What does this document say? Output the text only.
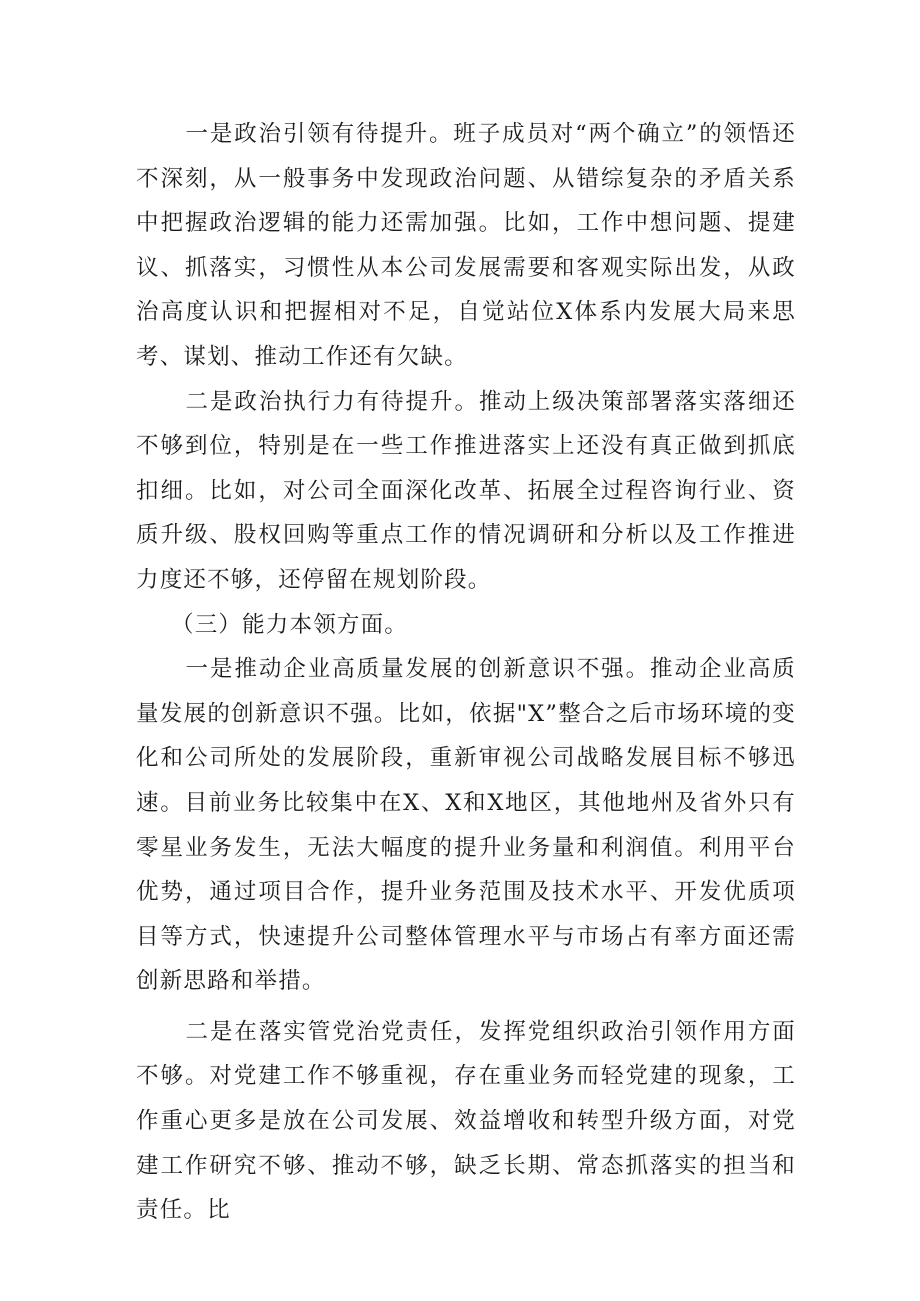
一是政治引领有待提升。班子成员对“两个确立”的领悟还不深刻，从一般事务中发现政治问题、从错综复杂的矛盾关系中把握政治逻辑的能力还需加强。比如，工作中想问题、提建议、抓落实，习惯性从本公司发展需要和客观实际出发，从政治高度认识和把握相对不足，自觉站位X体系内发展大局来思考、谋划、推动工作还有欠缺。

二是政治执行力有待提升。推动上级决策部署落实落细还不够到位，特别是在一些工作推进落实上还没有真正做到抓底扣细。比如，对公司全面深化改革、拓展全过程咨询行业、资质升级、股权回购等重点工作的情况调研和分析以及工作推进力度还不够，还停留在规划阶段。

（三）能力本领方面。

一是推动企业高质量发展的创新意识不强。推动企业高质量发展的创新意识不强。比如，依据"X”整合之后市场环境的变化和公司所处的发展阶段，重新审视公司战略发展目标不够迅速。目前业务比较集中在X、X和X地区，其他地州及省外只有零星业务发生，无法大幅度的提升业务量和利润值。利用平台优势，通过项目合作，提升业务范围及技术水平、开发优质项目等方式，快速提升公司整体管理水平与市场占有率方面还需创新思路和举措。

二是在落实管党治党责任，发挥党组织政治引领作用方面不够。对党建工作不够重视，存在重业务而轻党建的现象，工作重心更多是放在公司发展、效益增收和转型升级方面，对党建工作研究不够、推动不够，缺乏长期、常态抓落实的担当和责任。比
